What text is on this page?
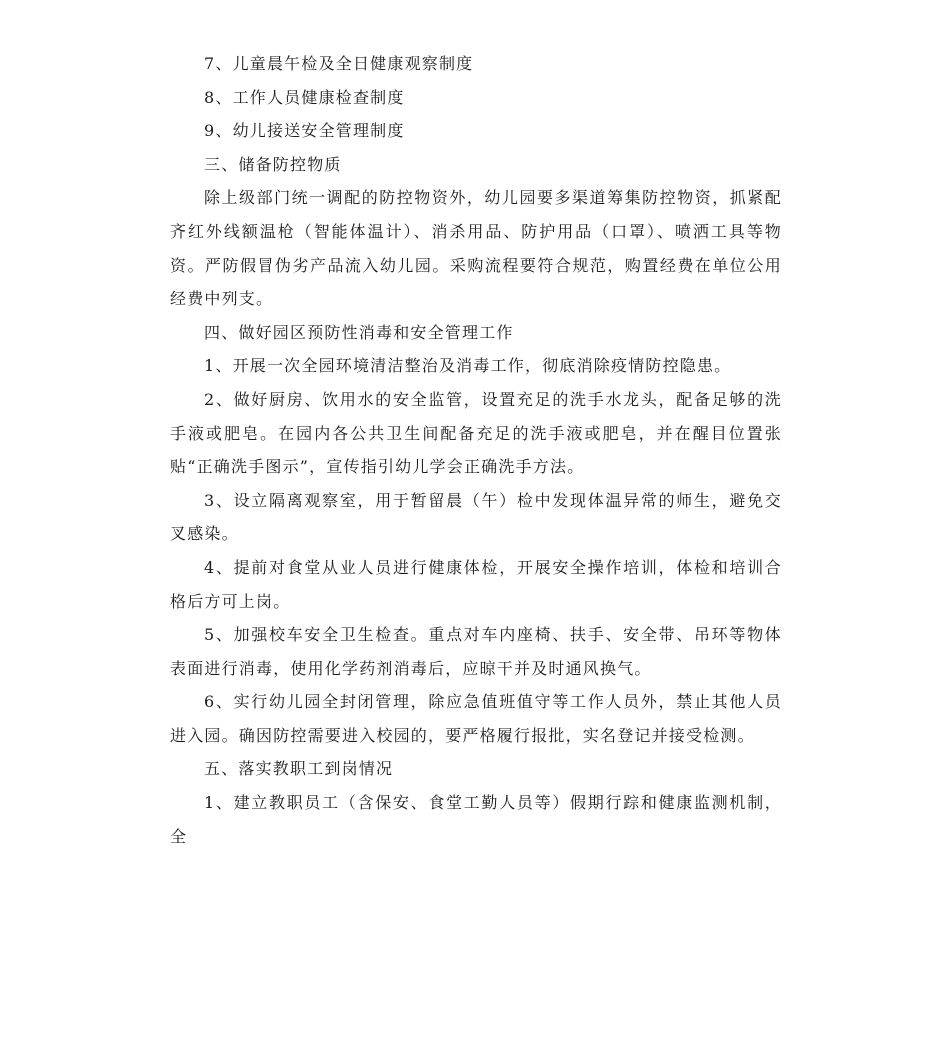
7、儿童晨午检及全日健康观察制度

8、工作人员健康检查制度

9、幼儿接送安全管理制度

三、储备防控物质

除上级部门统一调配的防控物资外，幼儿园要多渠道筹集防控物资，抓紧配齐红外线额温枪（智能体温计）、消杀用品、防护用品（口罩）、喷洒工具等物资。严防假冒伪劣产品流入幼儿园。采购流程要符合规范，购置经费在单位公用经费中列支。

四、做好园区预防性消毒和安全管理工作

1、开展一次全园环境清洁整治及消毒工作，彻底消除疫情防控隐患。

2、做好厨房、饮用水的安全监管，设置充足的洗手水龙头，配备足够的洗手液或肥皂。在园内各公共卫生间配备充足的洗手液或肥皂，并在醒目位置张贴“正确洗手图示”，宣传指引幼儿学会正确洗手方法。

3、设立隔离观察室，用于暂留晨（午）检中发现体温异常的师生，避免交叉感染。

4、提前对食堂从业人员进行健康体检，开展安全操作培训，体检和培训合格后方可上岗。

5、加强校车安全卫生检查。重点对车内座椅、扶手、安全带、吊环等物体表面进行消毒，使用化学药剂消毒后，应晾干并及时通风换气。

6、实行幼儿园全封闭管理，除应急值班值守等工作人员外，禁止其他人员进入园。确因防控需要进入校园的，要严格履行报批，实名登记并接受检测。

五、落实教职工到岗情况

1、建立教职员工（含保安、食堂工勤人员等）假期行踪和健康监测机制，全
